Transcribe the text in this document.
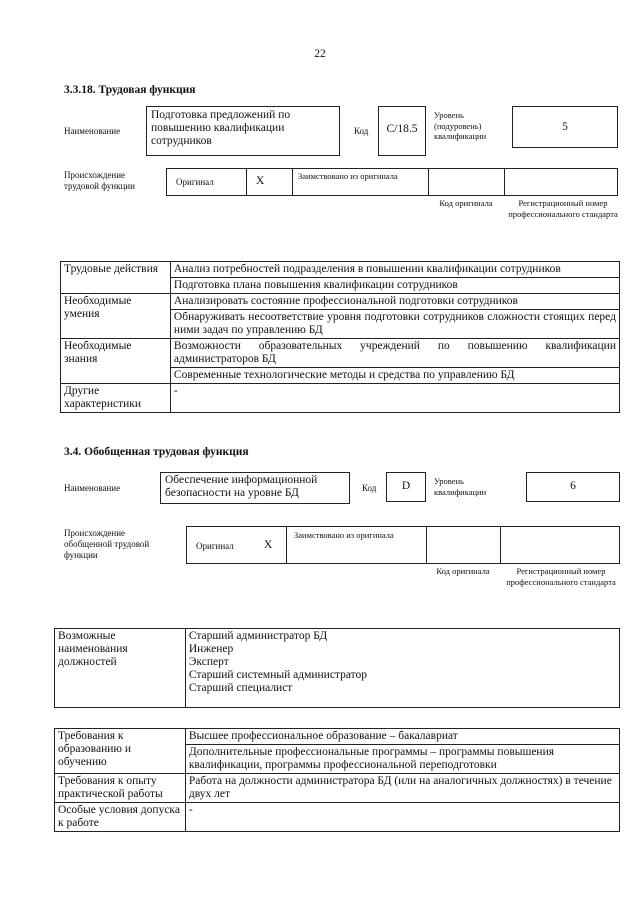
22
3.3.18. Трудовая функция
Наименование
Подготовка предложений по повышению квалификации сотрудников
Код	С/18.5
Уровень (подуровень) квалификации
5
Происхождение трудовой функции	Оригинал	X	Заимствовано из оригинала
Код оригинала	Регистрационный номер профессионального стандарта
Трудовые действия	Анализ потребностей подразделения в повышении квалификации сотрудников
	Подготовка плана повышения квалификации сотрудников
Необходимые умения	Анализировать состояние профессиональной подготовки сотрудников
	Обнаруживать несоответствие уровня подготовки сотрудников сложности стоящих перед ними задач по управлению БД
Необходимые знания	Возможности образовательных учреждений по повышению квалификации администраторов БД
	Современные технологические методы и средства по управлению БД
Другие характеристики	-
3.4. Обобщенная трудовая функция
Наименование
Обеспечение информационной безопасности на уровне БД	Код	D	Уровень квалификации	6
Происхождение обобщенной трудовой функции
Оригинал	X
Заимствовано из оригинала
Код оригинала	Регистрационный номер профессионального стандарта
Возможные наименования должностей	
Старший администратор БД
Инженер
Эксперт
Старший системный администратор
Старший специалист
Требования к образованию и обучению	Высшее профессиональное образование – бакалавриат
	Дополнительные профессиональные программы – программы повышения квалификации, программы профессиональной переподготовки
Требования к опыту практической работы	Работа на должности администратора БД (или на аналогичных должностях) в течение двух лет
Особые условия допуска к работе	-
